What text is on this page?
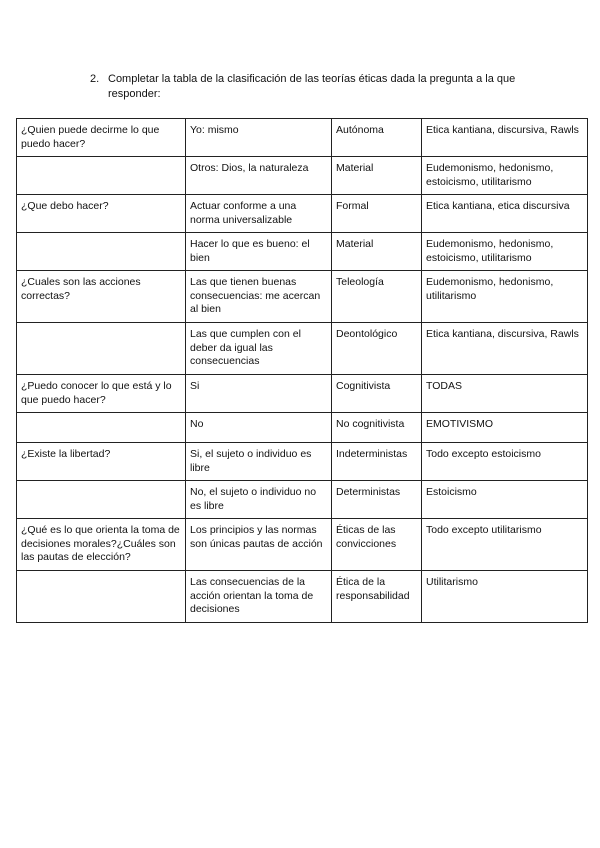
2. Completar la tabla de la clasificación de las teorías éticas dada la pregunta a la que responder:
¿Quien puede decirme lo que puedo hacer?	Yo: mismo	Autónoma	Etica kantiana, discursiva, Rawls
	Otros: Dios, la naturaleza	Material	Eudemonismo, hedonismo, estoicismo, utilitarismo
¿Que debo hacer?	Actuar conforme a una norma universalizable	Formal	Etica kantiana, etica discursiva
	Hacer lo que es bueno: el bien	Material	Eudemonismo, hedonismo, estoicismo, utilitarismo
¿Cuales son las acciones correctas?	Las que tienen buenas consecuencias: me acercan al bien	Teleología	Eudemonismo, hedonismo, utilitarismo
	Las que cumplen con el deber da igual las consecuencias	Deontológico	Etica kantiana, discursiva, Rawls
¿Puedo conocer lo que está y lo que puedo hacer?	Si	Cognitivista	TODAS
	No	No cognitivista	EMOTIVISMO
¿Existe la libertad?	Si, el sujeto o individuo es libre	Indeterministas	Todo excepto estoicismo
	No, el sujeto o individuo no es libre	Deterministas	Estoicismo
¿Qué es lo que orienta la toma de decisiones morales?¿Cuáles son las pautas de elección?	Los principios y las normas son únicas pautas de acción	Éticas de las convicciones	Todo excepto utilitarismo
	Las consecuencias de la acción orientan la toma de decisiones	Ética de la responsabilidad	Utilitarismo
